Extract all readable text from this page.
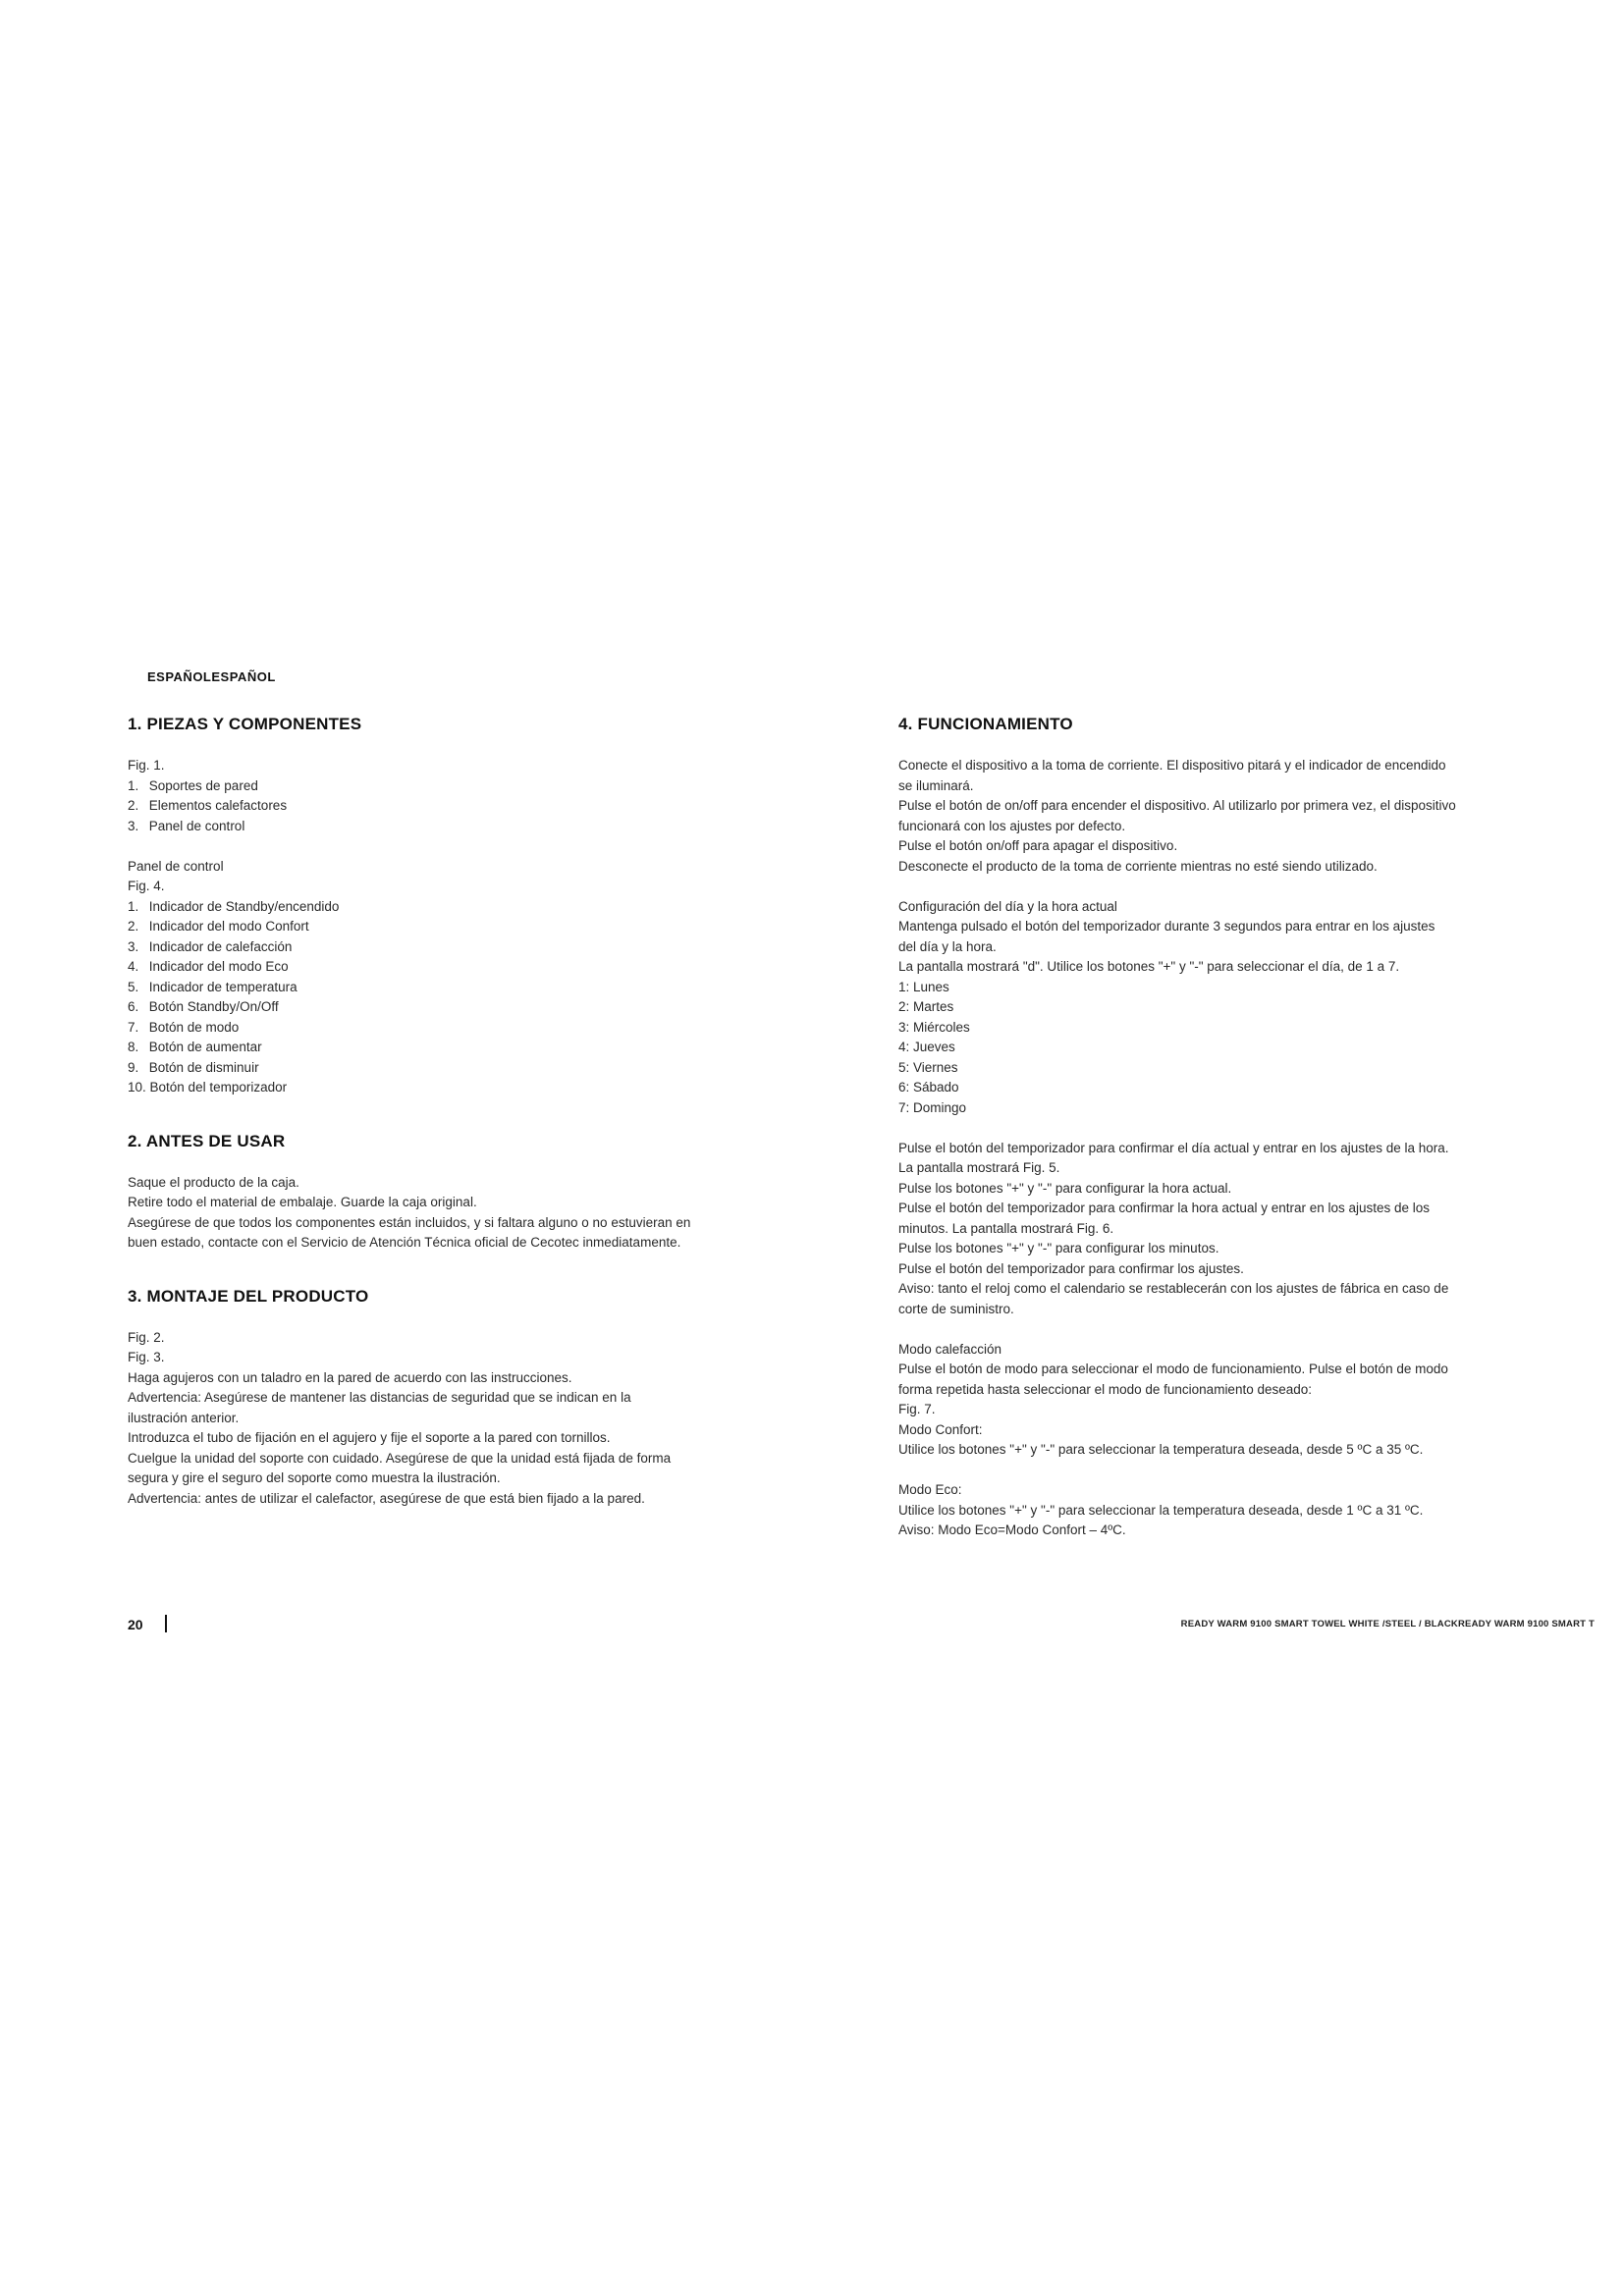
ESPAÑOLESPAÑOL
1. PIEZAS Y COMPONENTES
Fig. 1.
1. Soportes de pared
2. Elementos calefactores
3. Panel de control
Panel de control
Fig. 4.
1. Indicador de Standby/encendido
2. Indicador del modo Confort
3. Indicador de calefacción
4. Indicador del modo Eco
5. Indicador de temperatura
6. Botón Standby/On/Off
7. Botón de modo
8. Botón de aumentar
9. Botón de disminuir
10. Botón del temporizador
2. ANTES DE USAR
Saque el producto de la caja.
Retire todo el material de embalaje. Guarde la caja original.
Asegúrese de que todos los componentes están incluidos, y si faltara alguno o no estuvieran en
buen estado, contacte con el Servicio de Atención Técnica oficial de Cecotec inmediatamente.
3. MONTAJE DEL PRODUCTO
Fig. 2.
Fig. 3.
Haga agujeros con un taladro en la pared de acuerdo con las instrucciones.
Advertencia: Asegúrese de mantener las distancias de seguridad que se indican en la
ilustración anterior.
Introduzca el tubo de fijación en el agujero y fije el soporte a la pared con tornillos.
Cuelgue la unidad del soporte con cuidado. Asegúrese de que la unidad está fijada de forma
segura y gire el seguro del soporte como muestra la ilustración.
Advertencia: antes de utilizar el calefactor, asegúrese de que está bien fijado a la pared.
4. FUNCIONAMIENTO
Conecte el dispositivo a la toma de corriente. El dispositivo pitará y el indicador de encendido
se iluminará.
Pulse el botón de on/off para encender el dispositivo. Al utilizarlo por primera vez, el dispositivo
funcionará con los ajustes por defecto.
Pulse el botón on/off para apagar el dispositivo.
Desconecte el producto de la toma de corriente mientras no esté siendo utilizado.
Configuración del día y la hora actual
Mantenga pulsado el botón del temporizador durante 3 segundos para entrar en los ajustes
del día y la hora.
La pantalla mostrará "d". Utilice los botones "+" y "-" para seleccionar el día, de 1 a 7.
1: Lunes
2: Martes
3: Miércoles
4: Jueves
5: Viernes
6: Sábado
7: Domingo
Pulse el botón del temporizador para confirmar el día actual y entrar en los ajustes de la hora.
La pantalla mostrará Fig. 5.
Pulse los botones "+" y "-" para configurar la hora actual.
Pulse el botón del temporizador para confirmar la hora actual y entrar en los ajustes de los
minutos. La pantalla mostrará Fig. 6.
Pulse los botones "+" y "-" para configurar los minutos.
Pulse el botón del temporizador para confirmar los ajustes.
Aviso: tanto el reloj como el calendario se restablecerán con los ajustes de fábrica en caso de
corte de suministro.
Modo calefacción
Pulse el botón de modo para seleccionar el modo de funcionamiento. Pulse el botón de modo
forma repetida hasta seleccionar el modo de funcionamiento deseado:
Fig. 7.
Modo Confort:
Utilice los botones "+" y "-" para seleccionar la temperatura deseada, desde 5 ºC a 35 ºC.
Modo Eco:
Utilice los botones "+" y "-" para seleccionar la temperatura deseada, desde 1 ºC a 31 ºC.
Aviso: Modo Eco=Modo Confort – 4ºC.
20	READY WARM 9100 SMART TOWEL WHITE /STEEL / BLACKREADY WARM 9100 SMART T
